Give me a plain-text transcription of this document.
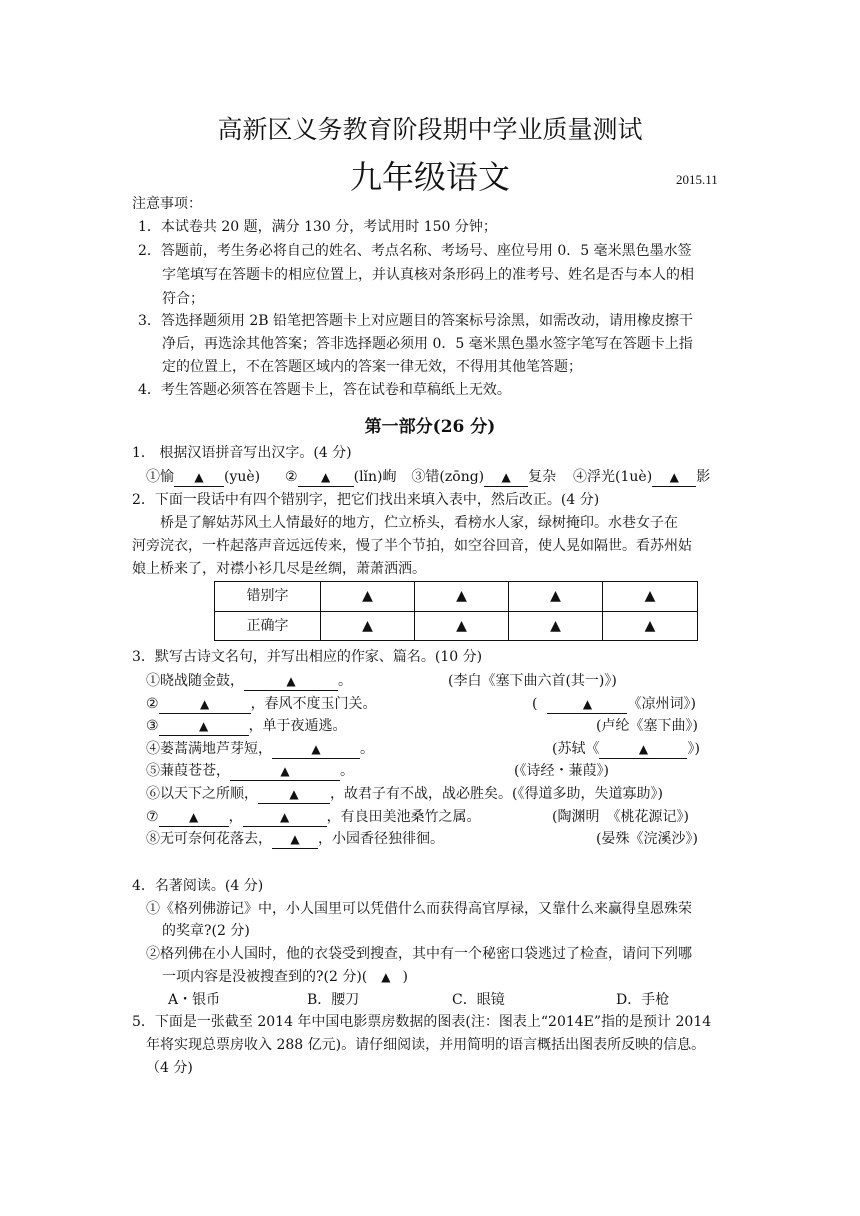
高新区义务教育阶段期中学业质量测试
九年级语文	2015.11
注意事项：
1．本试卷共 20 题，满分 130 分，考试用时 150 分钟；
2．答题前，考生务必将自己的姓名、考点名称、考场号、座位号用 0．5 毫米黑色墨水签
字笔填写在答题卡的相应位置上，并认真核对条形码上的准考号、姓名是否与本人的相
符合；
3．答选择题须用 2B 铅笔把答题卡上对应题目的答案标号涂黑，如需改动，请用橡皮擦干
净后，再选涂其他答案；答非选择题必须用 0．5 毫米黑色墨水签字笔写在答题卡上指
定的位置上，不在答题区域内的答案一律无效，不得用其他笔答题；
4．考生答题必须答在答题卡上，答在试卷和草稿纸上无效。
第一部分(26 分)
1． 根据汉语拼音写出汉字。(4 分)
①愉 ▲ (yuè) ② ▲ (lǐn)峋 ③错(zōng) ▲ 复杂 ④浮光(1uè) ▲ 影
2．下面一段话中有四个错别字，把它们找出来填入表中，然后改正。(4 分)
桥是了解姑苏风土人情最好的地方，伫立桥头，看榜水人家，绿树掩印。水巷女子在
河旁浣衣，一杵起落声音远远传来，慢了半个节拍，如空谷回音，使人晃如隔世。看苏州姑
娘上桥来了，对襟小衫几尽是丝绸，萧萧洒洒。
错别字	▲	▲	▲	▲
正确字	▲	▲	▲	▲
3．默写古诗文名句，并写出相应的作家、篇名。(10 分)
①晓战随金鼓，	▲	。	(李白《塞下曲六首(其一)》)
②	▲	，春风不度玉门关。	(	▲	《凉州词》)
③	▲	，单于夜遁逃。	(卢纶《塞下曲》)
④蒌蒿满地芦芽短，	▲	。	(苏轼《	▲	》)
⑤蒹葭苍苍，	▲	。	(《诗经・蒹葭》)
⑥以天下之所顺，	▲ ，故君子有不战，战必胜矣。(《得道多助，失道寡助》)
⑦	▲ ，	▲	，有良田美池桑竹之属。	(陶渊明　《桃花源记》)
⑧无可奈何花落去， ▲ ，小园香径独徘徊。	(晏殊《浣溪沙》)
4．名著阅读。(4 分)
①《格列佛游记》中，小人国里可以凭借什么而获得高官厚禄，又靠什么来赢得皇恩殊荣
的奖章?(2 分)
②格列佛在小人国时，他的衣袋受到搜查，其中有一个秘密口袋逃过了检查，请问下列哪
一项内容是没被搜查到的?(2 分)( ▲ )
A・银币	B．腰刀	C．眼镜	D．手枪
5．下面是一张截至 2014 年中国电影票房数据的图表(注：图表上“2014E”指的是预计 2014
年将实现总票房收入 288 亿元)。请仔细阅读，并用简明的语言概括出图表所反映的信息。
（4 分)
